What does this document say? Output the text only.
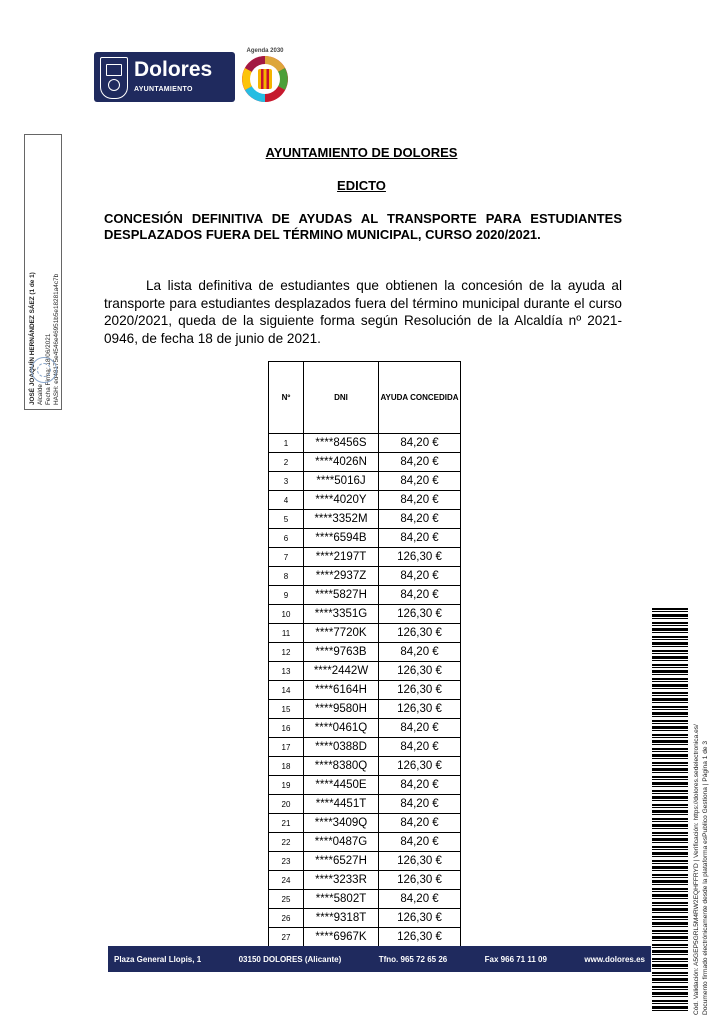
Dolores
AYUNTAMIENTO
Agenda 2030
JOSÉ JOAQUÍN HERNÁNDEZ SÁEZ (1 de 1) Alcalde Fecha Firma: 18/06/2021 HASH: ed48175e4546e46951b5e18281a4c7b
AYUNTAMIENTO DE DOLORES
EDICTO
CONCESIÓN DEFINITIVA DE AYUDAS AL TRANSPORTE PARA ESTUDIANTES DESPLAZADOS FUERA DEL TÉRMINO MUNICIPAL, CURSO 2020/2021.
La lista definitiva de estudiantes que obtienen la concesión de la ayuda al transporte para estudiantes desplazados fuera del término municipal durante el curso 2020/2021, queda de la siguiente forma según Resolución de la Alcaldía nº 2021-0946, de fecha 18 de junio de 2021.
Nº	DNI	AYUDA CONCEDIDA
1	****8456S	84,20 €
2	****4026N	84,20 €
3	****5016J	84,20 €
4	****4020Y	84,20 €
5	****3352M	84,20 €
6	****6594B	84,20 €
7	****2197T	126,30 €
8	****2937Z	84,20 €
9	****5827H	84,20 €
10	****3351G	126,30 €
11	****7720K	126,30 €
12	****9763B	84,20 €
13	****2442W	126,30 €
14	****6164H	126,30 €
15	****9580H	126,30 €
16	****0461Q	84,20 €
17	****0388D	84,20 €
18	****8380Q	126,30 €
19	****4450E	84,20 €
20	****4451T	84,20 €
21	****3409Q	84,20 €
22	****0487G	84,20 €
23	****6527H	126,30 €
24	****3233R	126,30 €
25	****5802T	84,20 €
26	****9318T	126,30 €
27	****6967K	126,30 €
Plaza General Llopis, 1	03150 DOLORES (Alicante)	Tfno. 965 72 65 26	Fax 966 71 11 09	www.dolores.es	Cód. Validación: A5GEP5GRL5M4RW2EQHFFRYD | Verificación: https://dolores.sedelectronica.es/ Documento firmado electrónicamente desde la plataforma esPublico Gestiona | Página 1 de 3
